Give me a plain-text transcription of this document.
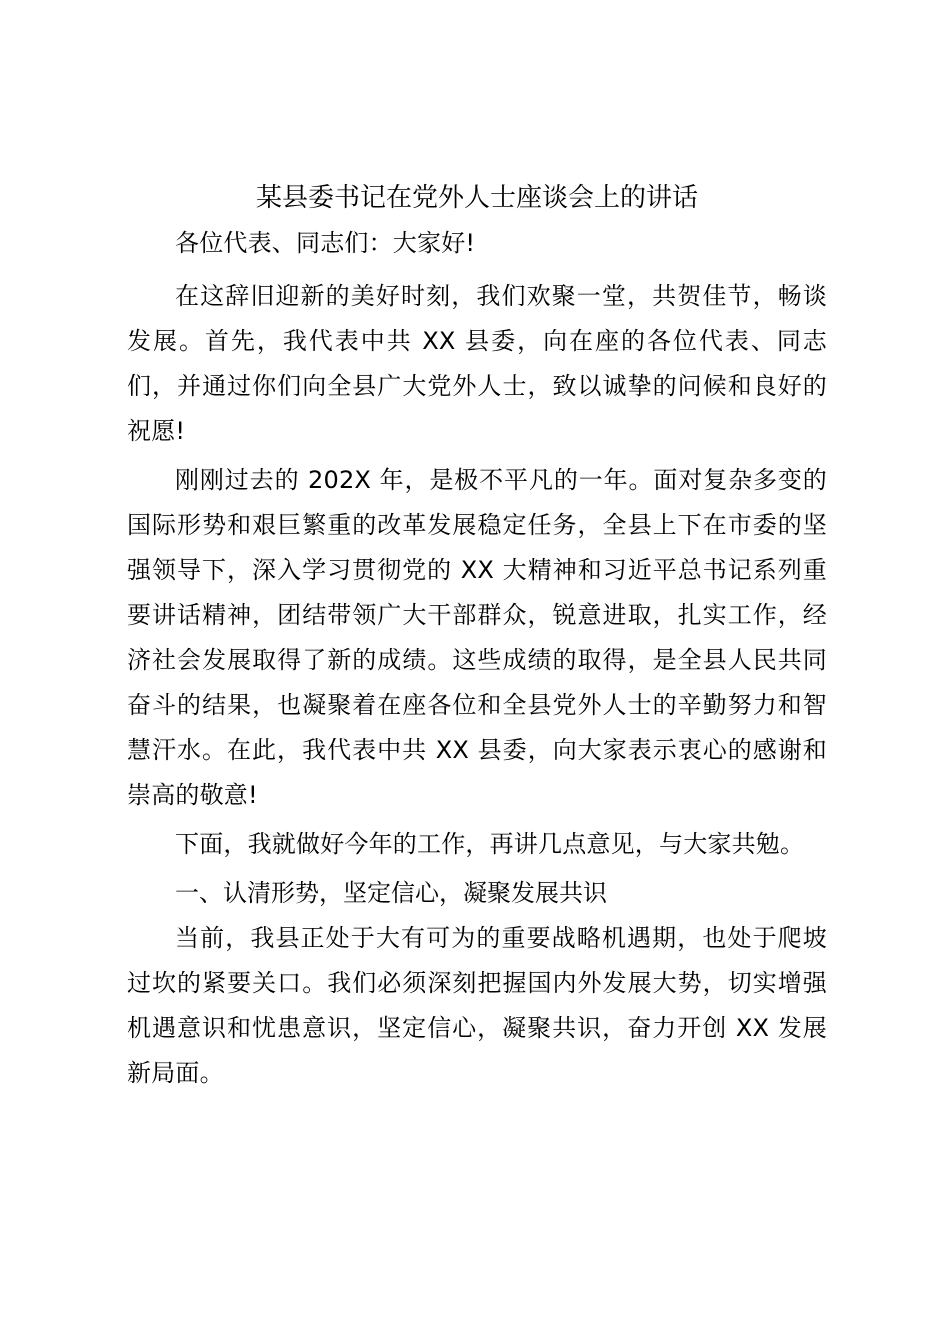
某县委书记在党外人士座谈会上的讲话

各位代表、同志们：大家好!

在这辞旧迎新的美好时刻，我们欢聚一堂，共贺佳节，畅谈发展。首先，我代表中共 XX 县委，向在座的各位代表、同志们，并通过你们向全县广大党外人士，致以诚挚的问候和良好的祝愿!

刚刚过去的 202X 年，是极不平凡的一年。面对复杂多变的国际形势和艰巨繁重的改革发展稳定任务，全县上下在市委的坚强领导下，深入学习贯彻党的 XX 大精神和习近平总书记系列重要讲话精神，团结带领广大干部群众，锐意进取，扎实工作，经济社会发展取得了新的成绩。这些成绩的取得，是全县人民共同奋斗的结果，也凝聚着在座各位和全县党外人士的辛勤努力和智慧汗水。在此，我代表中共 XX 县委，向大家表示衷心的感谢和崇高的敬意!

下面，我就做好今年的工作，再讲几点意见，与大家共勉。

一、认清形势，坚定信心，凝聚发展共识

当前，我县正处于大有可为的重要战略机遇期，也处于爬坡过坎的紧要关口。我们必须深刻把握国内外发展大势，切实增强机遇意识和忧患意识，坚定信心，凝聚共识，奋力开创 XX 发展新局面。
